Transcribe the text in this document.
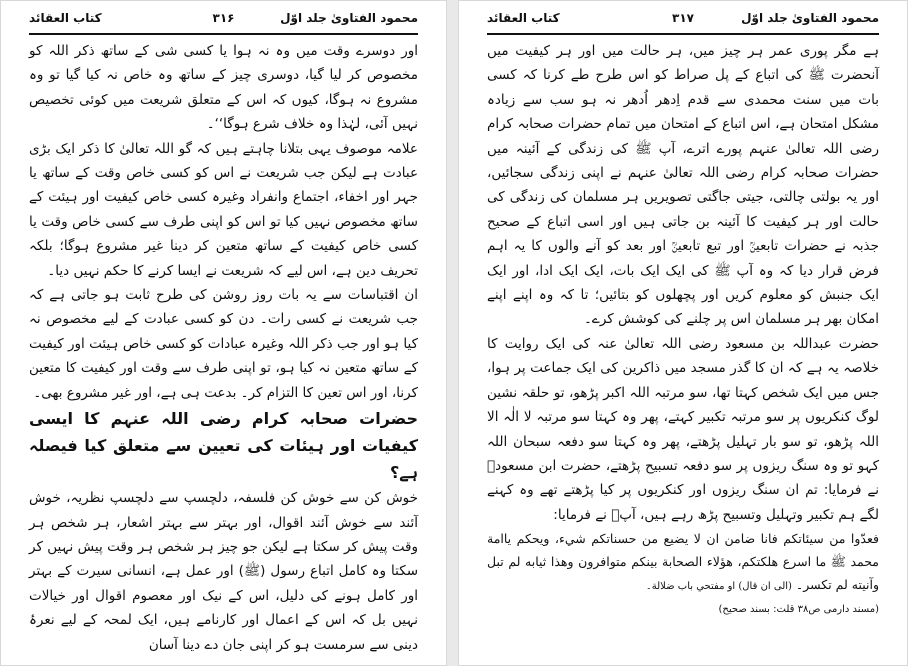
کتاب العقائد	۳۱۶	محمود الفتاویٰ جلد اوّل

اور دوسرے وقت میں وہ نہ ہوا یا کسی شی کے ساتھ ذکر اللہ کو مخصوص کر لیا گیا، دوسری چیز کے ساتھ وہ خاص نہ کیا گیا تو وہ مشروع نہ ہوگا، کیوں کہ اس کے متعلق شریعت میں کوئی تخصیص نہیں آئی، لہٰذا وہ خلاف شرع ہوگا‘‘۔

علامہ موصوف یہی بتلانا چاہتے ہیں کہ گو اللہ تعالیٰ کا ذکر ایک بڑی عبادت ہے لیکن جب شریعت نے اس کو کسی خاص وقت کے ساتھ یا جہر اور اخفاء، اجتماع وانفراد وغیرہ کسی خاص کیفیت اور ہیئت کے ساتھ مخصوص نہیں کیا تو اس کو اپنی طرف سے کسی خاص وقت یا کسی خاص کیفیت کے ساتھ متعین کر دینا غیر مشروع ہوگا؛ بلکہ تحریف دین ہے، اس لیے کہ شریعت نے ایسا کرنے کا حکم نہیں دیا۔

ان اقتباسات سے یہ بات روز روشن کی طرح ثابت ہو جاتی ہے کہ جب شریعت نے کسی رات۔ دن کو کسی عبادت کے لیے مخصوص نہ کیا ہو اور جب ذکر اللہ وغیرہ عبادات کو کسی خاص ہیئت اور کیفیت کے ساتھ متعین نہ کیا ہو، تو اپنی طرف سے وقت اور کیفیت کا متعین کرنا، اور اس تعین کا التزام کر۔ بدعت ہی ہے، اور غیر مشروع بھی۔

حضرات صحابہ کرام رضی اللہ عنہم کا ایسی کیفیات اور ہیئات کی تعیین سے متعلق کیا فیصلہ ہے؟

خوش کن سے خوش کن فلسفہ، دلچسپ سے دلچسپ نظریہ، خوش آئند سے خوش آئند اقوال، اور بہتر سے بہتر اشعار، ہر شخص ہر وقت پیش کر سکتا ہے لیکن جو چیز ہر شخص ہر وقت پیش نہیں کر سکتا وہ کامل اتباع رسول (ﷺ) اور عمل ہے، انسانی سیرت کے بہتر اور کامل ہونے کی دلیل، اس کے نیک اور معصوم اقوال اور خیالات نہیں بل کہ اس کے اعمال اور کارنامے ہیں، ایک لمحہ کے لیے نعرۂ دینی سے سرمست ہو کر اپنی جان دے دینا آسان

کتاب العقائد	۳۱۷	محمود الفتاویٰ جلد اوّل

ہے مگر پوری عمر ہر چیز میں، ہر حالت میں اور ہر کیفیت میں آنحضرت ﷺ کی اتباع کے پل صراط کو اس طرح طے کرنا کہ کسی بات میں سنت محمدی سے قدم اِدھر اُدھر نہ ہو سب سے زیادہ مشکل امتحان ہے، اس اتباع کے امتحان میں تمام حضرات صحابہ کرام رضی اللہ تعالیٰ عنہم پورے اترے، آپ ﷺ کی زندگی کے آئینہ میں حضرات صحابہ کرام رضی اللہ تعالیٰ عنہم نے اپنی زندگی سجائیں، اور یہ بولتی چالتی، جیتی جاگتی تصویریں ہر مسلمان کی زندگی کی حالت اور ہر کیفیت کا آئینہ بن جاتی ہیں اور اسی اتباع کے صحیح جذبہ نے حضرات تابعینؒ اور تبع تابعینؒ اور بعد کو آنے والوں کا یہ اہم فرض قرار دیا کہ وہ آپ ﷺ کی ایک ایک بات، ایک ایک ادا، اور ایک ایک جنبش کو معلوم کریں اور پچھلوں کو بتائیں؛ تا کہ وہ اپنے اپنے امکان بھر ہر مسلمان اس پر چلنے کی کوشش کرے۔

حضرت عبداللہ بن مسعود رضی اللہ تعالیٰ عنہ کی ایک روایت کا خلاصہ یہ ہے کہ ان کا گذر مسجد میں ذاکرین کی ایک جماعت پر ہوا، جس میں ایک شخص کہتا تھا، سو مرتبہ اللہ اکبر پڑھو، تو حلقہ نشین لوگ کنکریوں پر سو مرتبہ تکبیر کہتے، پھر وہ کہتا سو مرتبہ لا الٰہ الا اللہ پڑھو، تو سو بار تہلیل پڑھتے، پھر وہ کہتا سو دفعہ سبحان اللہ کہو تو وہ سنگ ریزوں پر سو دفعہ تسبیح پڑھتے، حضرت ابن مسعودؓ نے فرمایا: تم ان سنگ ریزوں اور کنکریوں پر کیا پڑھتے تھے وہ کہنے لگے ہم تکبیر وتہلیل وتسبیح پڑھ رہے ہیں، آپؓ نے فرمایا:

فعدّوا من سيئاتكم فانا ضامن ان لا يضيع من حسناتكم شيء، ويحكم ياامة محمد ﷺ ما اسرع هلكتكم، هؤلاء الصحابة بينكم متوافرون وهذا ثيابه لم تبل وآنيته لم تكسر۔ (الى ان قال) او مفتحي باب ضلالة۔

(مسند دارمی ص۳۸ قلت: بسند صحیح)
